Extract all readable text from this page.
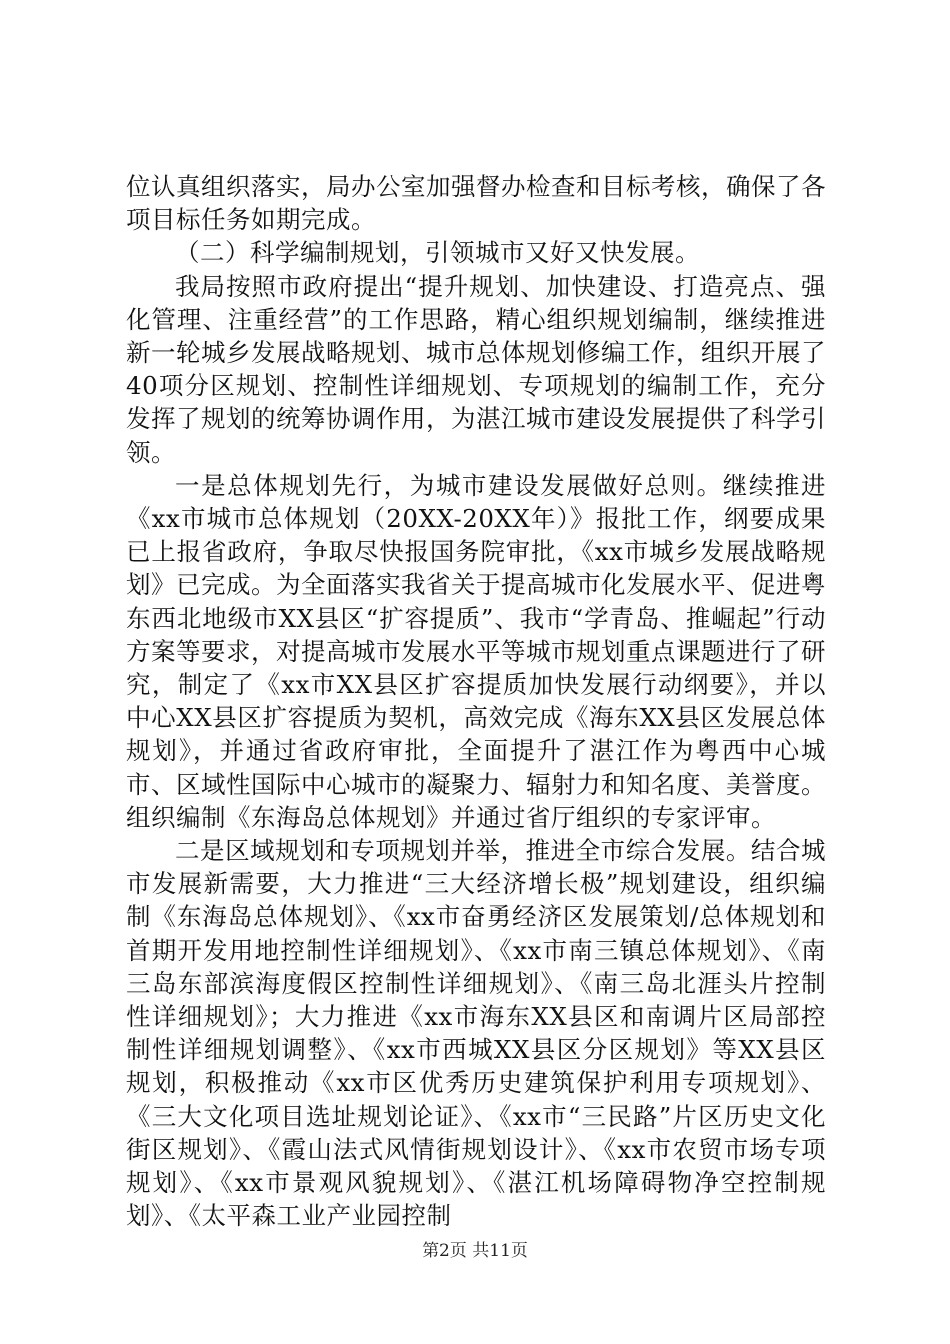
位认真组织落实，局办公室加强督办检查和目标考核，确保了各项目标任务如期完成。

（二）科学编制规划，引领城市又好又快发展。

我局按照市政府提出“提升规划、加快建设、打造亮点、强化管理、注重经营”的工作思路，精心组织规划编制，继续推进新一轮城乡发展战略规划、城市总体规划修编工作，组织开展了40项分区规划、控制性详细规划、专项规划的编制工作，充分发挥了规划的统筹协调作用，为湛江城市建设发展提供了科学引领。

一是总体规划先行，为城市建设发展做好总则。继续推进《xx市城市总体规划（20XX-20XX年）》报批工作，纲要成果已上报省政府，争取尽快报国务院审批，《xx市城乡发展战略规划》已完成。为全面落实我省关于提高城市化发展水平、促进粤东西北地级市XX县区“扩容提质”、我市“学青岛、推崛起”行动方案等要求，对提高城市发展水平等城市规划重点课题进行了研究，制定了《xx市XX县区扩容提质加快发展行动纲要》，并以中心XX县区扩容提质为契机，高效完成《海东XX县区发展总体规划》，并通过省政府审批，全面提升了湛江作为粤西中心城市、区域性国际中心城市的凝聚力、辐射力和知名度、美誉度。组织编制《东海岛总体规划》并通过省厅组织的专家评审。

二是区域规划和专项规划并举，推进全市综合发展。结合城市发展新需要，大力推进“三大经济增长极”规划建设，组织编制《东海岛总体规划》、《xx市奋勇经济区发展策划/总体规划和首期开发用地控制性详细规划》、《xx市南三镇总体规划》、《南三岛东部滨海度假区控制性详细规划》、《南三岛北涯头片控制性详细规划》；大力推进《xx市海东XX县区和南调片区局部控制性详细规划调整》、《xx市西城XX县区分区规划》等XX县区规划，积极推动《xx市区优秀历史建筑保护利用专项规划》、《三大文化项目选址规划论证》、《xx市“三民路”片区历史文化街区规划》、《霞山法式风情街规划设计》、《xx市农贸市场专项规划》、《xx市景观风貌规划》、《湛江机场障碍物净空控制规划》、《太平森工业产业园控制

第2页 共11页
